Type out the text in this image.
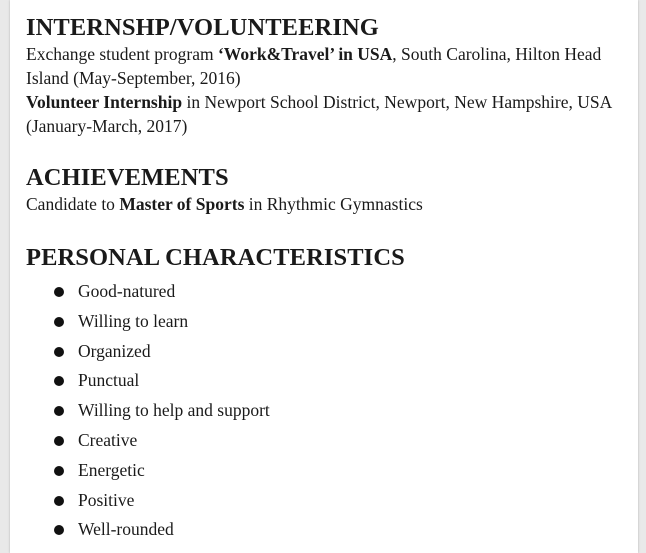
INTERNSHP/VOLUNTEERING

Exchange student program ‘Work&Travel’ in USA, South Carolina, Hilton Head Island (May-September, 2016)

Volunteer Internship in Newport School District, Newport, New Hampshire, USA (January-March, 2017)

ACHIEVEMENTS

Candidate to Master of Sports in Rhythmic Gymnastics

PERSONAL CHARACTERISTICS
Good-natured
Willing to learn
Organized
Punctual
Willing to help and support
Creative
Energetic
Positive
Well-rounded
